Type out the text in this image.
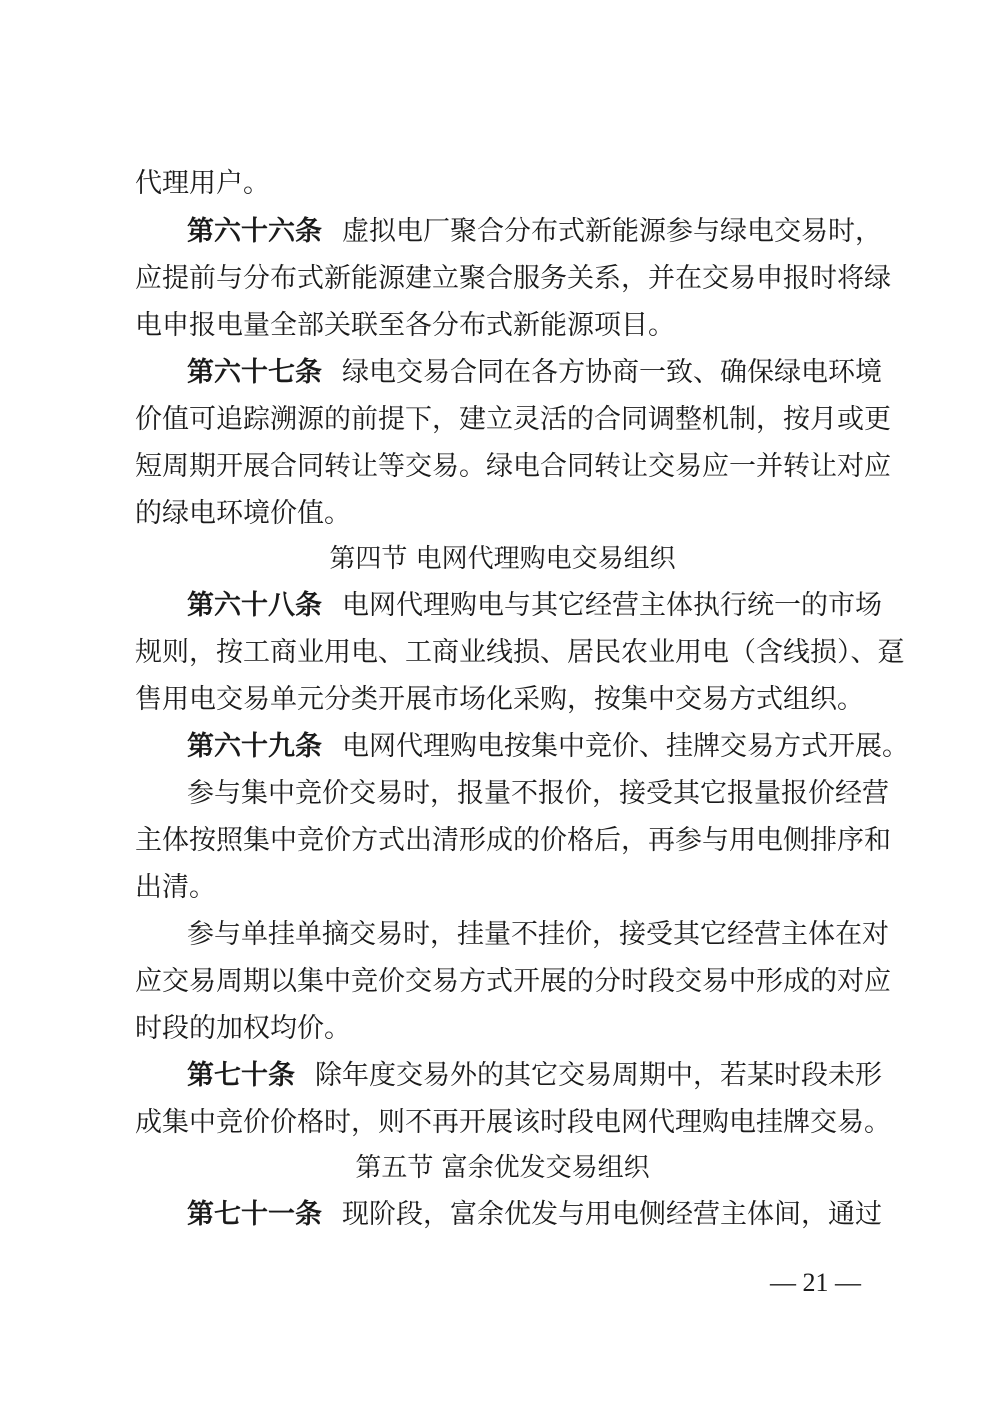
代理用户。
第六十六条 虚拟电厂聚合分布式新能源参与绿电交易时，
应提前与分布式新能源建立聚合服务关系，并在交易申报时将绿
电申报电量全部关联至各分布式新能源项目。
第六十七条 绿电交易合同在各方协商一致、确保绿电环境
价值可追踪溯源的前提下，建立灵活的合同调整机制，按月或更
短周期开展合同转让等交易。绿电合同转让交易应一并转让对应
的绿电环境价值。
第四节 电网代理购电交易组织
第六十八条 电网代理购电与其它经营主体执行统一的市场
规则，按工商业用电、工商业线损、居民农业用电（含线损）、趸
售用电交易单元分类开展市场化采购，按集中交易方式组织。
第六十九条 电网代理购电按集中竞价、挂牌交易方式开展。
参与集中竞价交易时，报量不报价，接受其它报量报价经营
主体按照集中竞价方式出清形成的价格后，再参与用电侧排序和
出清。
参与单挂单摘交易时，挂量不挂价，接受其它经营主体在对
应交易周期以集中竞价交易方式开展的分时段交易中形成的对应
时段的加权均价。
第七十条 除年度交易外的其它交易周期中，若某时段未形
成集中竞价价格时，则不再开展该时段电网代理购电挂牌交易。
第五节 富余优发交易组织
第七十一条 现阶段，富余优发与用电侧经营主体间，通过
— 21 —
